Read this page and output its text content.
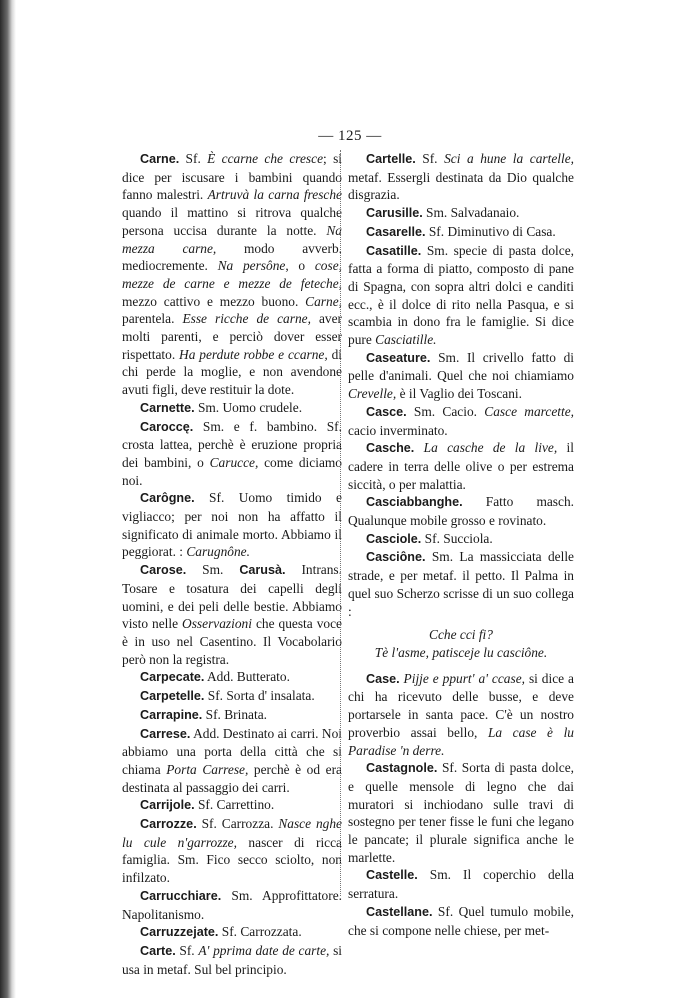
— 125 —

Carne. Sf. È ccarne che cresce; si dice per iscusare i bambini quando fanno malestri. Artruvà la carna fresche quando il mattino si ritrova qualche persona uccisa durante la notte. Na mezza carne, modo avverb. mediocremente. Na persône, o cose, mezze de carne e mezze de feteche, mezzo cattivo e mezzo buono. Carne, parentela. Esse ricche de carne, aver molti parenti, e perciò dover esser rispettato. Ha perdute robbe e ccarne, di chi perde la moglie, e non avendone avuti figli, deve restituir la dote.

Carnette. Sm. Uomo crudele.

Caroccę. Sm. e f. bambino. Sf. crosta lattea, perchè è eruzione propria dei bambini, o Carucce, come diciamo noi.

Carôgne. Sf. Uomo timido e vigliacco; per noi non ha affatto il significato di animale morto. Abbiamo il peggiorat. : Carugnône.

Carose. Sm. Carusà. Intrans. Tosare e tosatura dei capelli degli uomini, e dei peli delle bestie. Abbiamo visto nelle Osservazioni che questa voce è in uso nel Casentino. Il Vocabolario però non la registra.

Carpecate. Add. Butterato.

Carpetelle. Sf. Sorta d' insalata.

Carrapine. Sf. Brinata.

Carrese. Add. Destinato ai carri. Noi abbiamo una porta della città che si chiama Porta Carrese, perchè è od era destinata al passaggio dei carri.

Carrijole. Sf. Carrettino.

Carrozze. Sf. Carrozza. Nasce nghe lu cule n'garrozze, nascer di ricca famiglia. Sm. Fico secco sciolto, non infilzato.

Carrucchiare. Sm. Approfittatore. Napolitanismo.

Carruzzejate. Sf. Carrozzata.

Carte. Sf. A' pprima date de carte, si usa in metaf. Sul bel principio.

Cartelle. Sf. Sci a hune la cartelle, metaf. Essergli destinata da Dio qualche disgrazia.

Carusille. Sm. Salvadanaio.

Casarelle. Sf. Diminutivo di Casa.

Casatille. Sm. specie di pasta dolce, fatta a forma di piatto, composto di pane di Spagna, con sopra altri dolci e canditi ecc., è il dolce di rito nella Pasqua, e si scambia in dono fra le famiglie. Si dice pure Casciatille.

Caseature. Sm. Il crivello fatto di pelle d'animali. Quel che noi chiamiamo Crevelle, è il Vaglio dei Toscani.

Casce. Sm. Cacio. Casce marcette, cacio inverminato.

Casche. La casche de la live, il cadere in terra delle olive o per estrema siccità, o per malattia.

Casciabbanghe. Fatto masch. Qualunque mobile grosso e rovinato.

Casciole. Sf. Succiola.

Casciône. Sm. La massicciata delle strade, e per metaf. il petto. Il Palma in quel suo Scherzo scrisse di un suo collega :

Cche cci fi?

Tè l'asme, patisceje lu casciône.

Case. Pijje e ppurt' a' ccase, si dice a chi ha ricevuto delle busse, e deve portarsele in santa pace. C'è un nostro proverbio assai bello, La case è lu Paradise 'n derre.

Castagnole. Sf. Sorta di pasta dolce, e quelle mensole di legno che dai muratori si inchiodano sulle travi di sostegno per tener fisse le funi che legano le pancate; il plurale significa anche le marlette.

Castelle. Sm. Il coperchio della serratura.

Castellane. Sf. Quel tumulo mobile, che si compone nelle chiese, per met-
